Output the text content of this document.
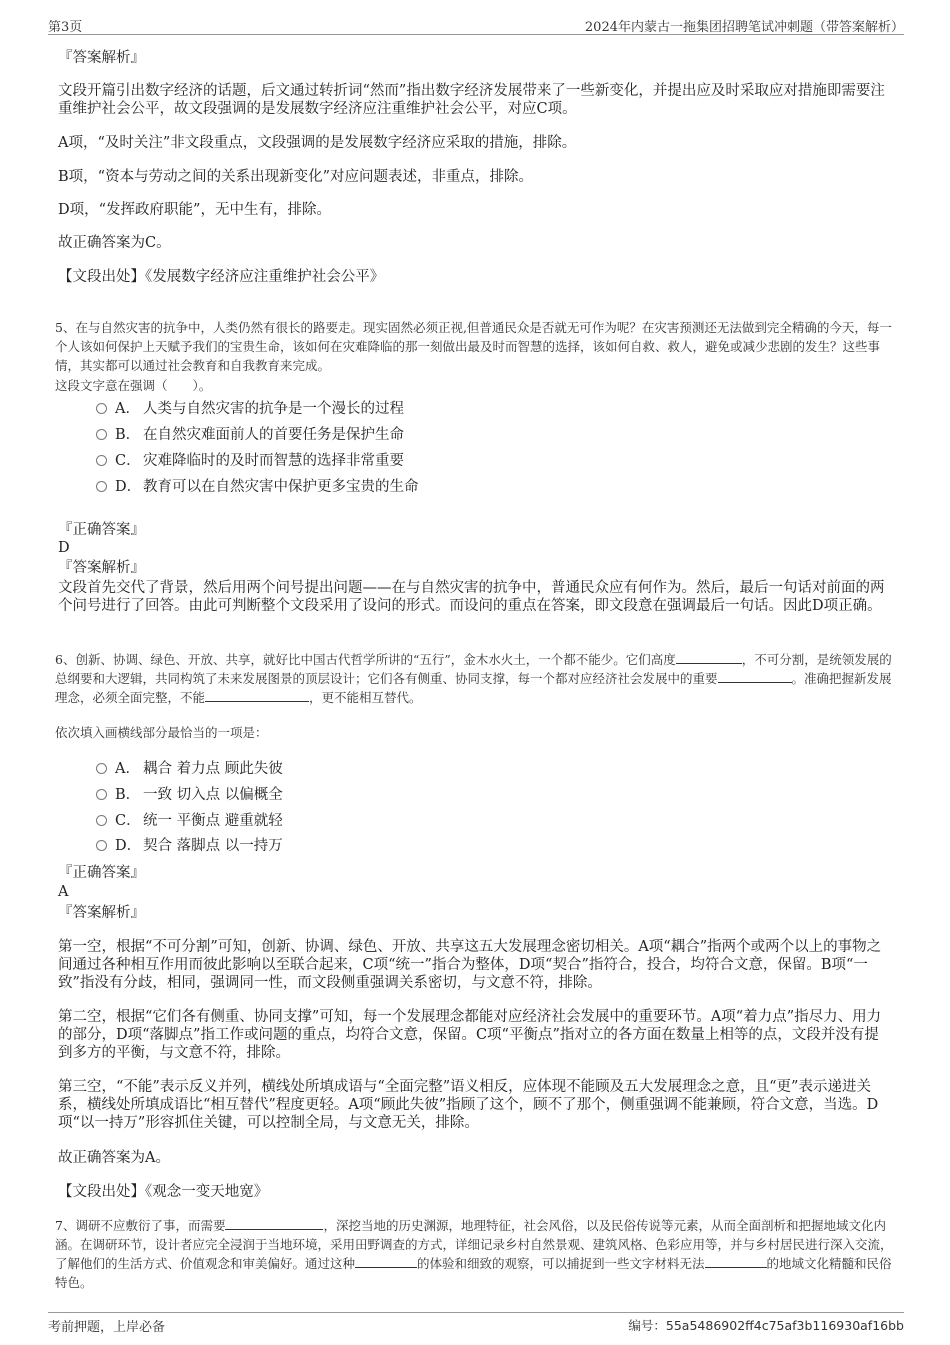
第3页	2024年内蒙古一拖集团招聘笔试冲刺题（带答案解析）

『答案解析』

文段开篇引出数字经济的话题，后文通过转折词“然而”指出数字经济发展带来了一些新变化，并提出应及时采取应对措施即需要注重维护社会公平，故文段强调的是发展数字经济应注重维护社会公平，对应C项。

A项，“及时关注”非文段重点，文段强调的是发展数字经济应采取的措施，排除。

B项，“资本与劳动之间的关系出现新变化”对应问题表述，非重点，排除。

D项，“发挥政府职能”，无中生有，排除。

故正确答案为C。

【文段出处】《发展数字经济应注重维护社会公平》

5、在与自然灾害的抗争中，人类仍然有很长的路要走。现实固然必须正视,但普通民众是否就无可作为呢？在灾害预测还无法做到完全精确的今天，每一个人该如何保护上天赋予我们的宝贵生命，该如何在灾难降临的那一刻做出最及时而智慧的选择，该如何自救、救人，避免或减少悲剧的发生？这些事情，其实都可以通过社会教育和自我教育来完成。

这段文字意在强调（　　）。

A． 人类与自然灾害的抗争是一个漫长的过程
B． 在自然灾难面前人的首要任务是保护生命
C． 灾难降临时的及时而智慧的选择非常重要
D． 教育可以在自然灾害中保护更多宝贵的生命

『正确答案』

D

『答案解析』

文段首先交代了背景，然后用两个问号提出问题——在与自然灾害的抗争中，普通民众应有何作为。然后，最后一句话对前面的两个问号进行了回答。由此可判断整个文段采用了设问的形式。而设问的重点在答案，即文段意在强调最后一句话。因此D项正确。

6、创新、协调、绿色、开放、共享，就好比中国古代哲学所讲的“五行”，金木水火土，一个都不能少。它们高度	，不可分割，是统领发展的总纲要和大逻辑，共同构筑了未来发展图景的顶层设计；它们各有侧重、协同支撑，每一个都对应经济社会发展中的重要	。准确把握新发展理念，必须全面完整，不能	，更不能相互替代。

依次填入画横线部分最恰当的一项是：

A． 耦合 着力点 顾此失彼
B． 一致 切入点 以偏概全
C． 统一 平衡点 避重就轻
D． 契合 落脚点 以一持万

『正确答案』

A

『答案解析』

第一空，根据“不可分割”可知，创新、协调、绿色、开放、共享这五大发展理念密切相关。A项“耦合”指两个或两个以上的事物之间通过各种相互作用而彼此影响以至联合起来，C项“统一”指合为整体，D项“契合”指符合，投合，均符合文意，保留。B项“一致”指没有分歧，相同，强调同一性，而文段侧重强调关系密切，与文意不符，排除。

第二空，根据“它们各有侧重、协同支撑”可知，每一个发展理念都能对应经济社会发展中的重要环节。A项“着力点”指尽力、用力的部分，D项“落脚点”指工作或问题的重点，均符合文意，保留。C项“平衡点”指对立的各方面在数量上相等的点，文段并没有提到多方的平衡，与文意不符，排除。

第三空，“不能”表示反义并列，横线处所填成语与“全面完整”语义相反，应体现不能顾及五大发展理念之意，且“更”表示递进关系，横线处所填成语比“相互替代”程度更轻。A项“顾此失彼”指顾了这个，顾不了那个，侧重强调不能兼顾，符合文意，当选。D项“以一持万”形容抓住关键，可以控制全局，与文意无关，排除。

故正确答案为A。

【文段出处】《观念一变天地宽》

7、调研不应敷衍了事，而需要	，深挖当地的历史渊源，地理特征，社会风俗，以及民俗传说等元素，从而全面剖析和把握地域文化内涵。在调研环节，设计者应完全浸润于当地环境，采用田野调查的方式，详细记录乡村自然景观、建筑风格、色彩应用等，并与乡村居民进行深入交流，了解他们的生活方式、价值观念和审美偏好。通过这种	的体验和细致的观察，可以捕捉到一些文字材料无法	的地域文化精髓和民俗特色。

考前押题，上岸必备	编号：55a5486902ff4c75af3b116930af16bb
